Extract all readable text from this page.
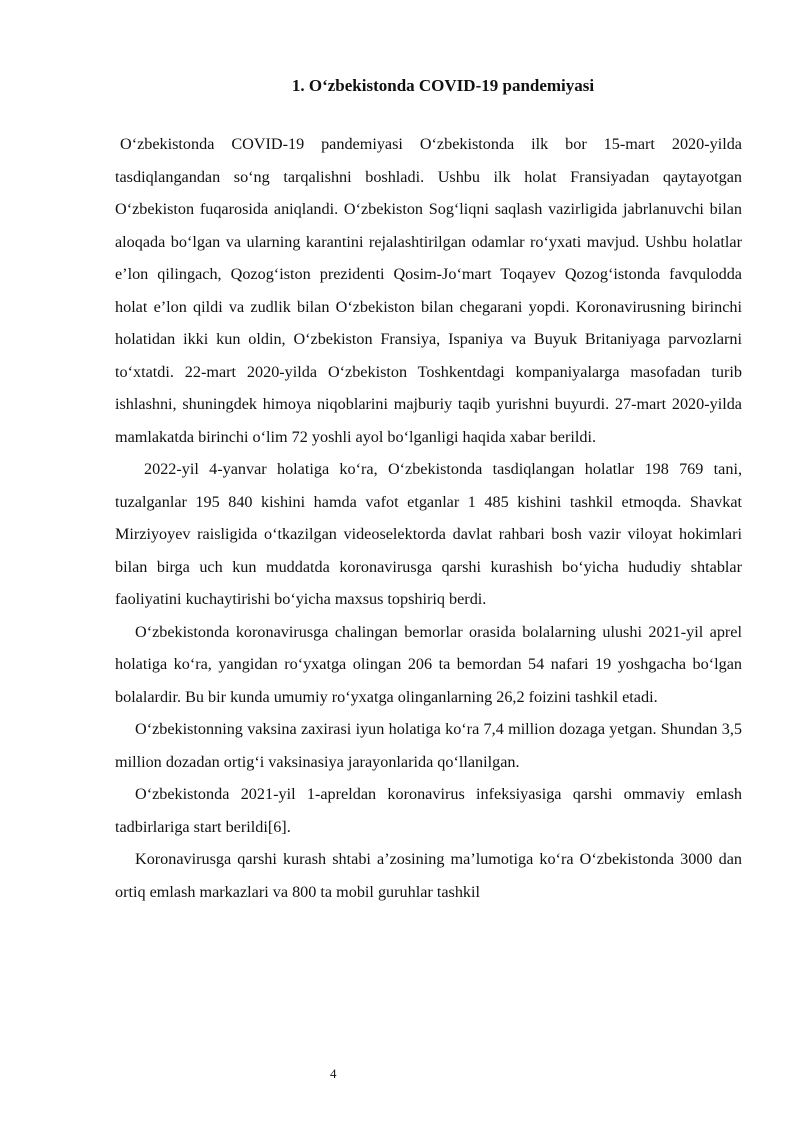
1. O‘zbekistonda COVID-19 pandemiyasi

O‘zbekistonda COVID-19 pandemiyasi O‘zbekistonda ilk bor 15-mart 2020-yilda tasdiqlangandan so‘ng tarqalishni boshladi. Ushbu ilk holat Fransiyadan qaytayotgan O‘zbekiston fuqarosida aniqlandi. O‘zbekiston Sog‘liqni saqlash vazirligida jabrlanuvchi bilan aloqada bo‘lgan va ularning karantini rejalashtirilgan odamlar ro‘yxati mavjud. Ushbu holatlar e’lon qilingach, Qozog‘iston prezidenti Qosim-Jo‘mart Toqayev Qozog‘istonda favqulodda holat e’lon qildi va zudlik bilan O‘zbekiston bilan chegarani yopdi. Koronavirusning birinchi holatidan ikki kun oldin, O‘zbekiston Fransiya, Ispaniya va Buyuk Britaniyaga parvozlarni to‘xtatdi. 22-mart 2020-yilda O‘zbekiston Toshkentdagi kompaniyalarga masofadan turib ishlashni, shuningdek himoya niqoblarini majburiy taqib yurishni buyurdi. 27-mart 2020-yilda mamlakatda birinchi o‘lim 72 yoshli ayol bo‘lganligi haqida xabar berildi.

2022-yil 4-yanvar holatiga ko‘ra, O‘zbekistonda tasdiqlangan holatlar 198 769 tani, tuzalganlar 195 840 kishini hamda vafot etganlar 1 485 kishini tashkil etmoqda. Shavkat Mirziyoyev raisligida o‘tkazilgan videoselektorda davlat rahbari bosh vazir viloyat hokimlari bilan birga uch kun muddatda koronavirusga qarshi kurashish bo‘yicha hududiy shtablar faoliyatini kuchaytirishi bo‘yicha maxsus topshiriq berdi.

O‘zbekistonda koronavirusga chalingan bemorlar orasida bolalarning ulushi 2021-yil aprel holatiga ko‘ra, yangidan ro‘yxatga olingan 206 ta bemordan 54 nafari 19 yoshgacha bo‘lgan bolalardir. Bu bir kunda umumiy ro‘yxatga olinganlarning 26,2 foizini tashkil etadi.

O‘zbekistonning vaksina zaxirasi iyun holatiga ko‘ra 7,4 million dozaga yetgan. Shundan 3,5 million dozadan ortig‘i vaksinasiya jarayonlarida qo‘llanilgan.

O‘zbekistonda 2021-yil 1-apreldan koronavirus infeksiyasiga qarshi ommaviy emlash tadbirlariga start berildi[6].

Koronavirusga qarshi kurash shtabi a’zosining ma’lumotiga ko‘ra O‘zbekistonda 3000 dan ortiq emlash markazlari va 800 ta mobil guruhlar tashkil

4
